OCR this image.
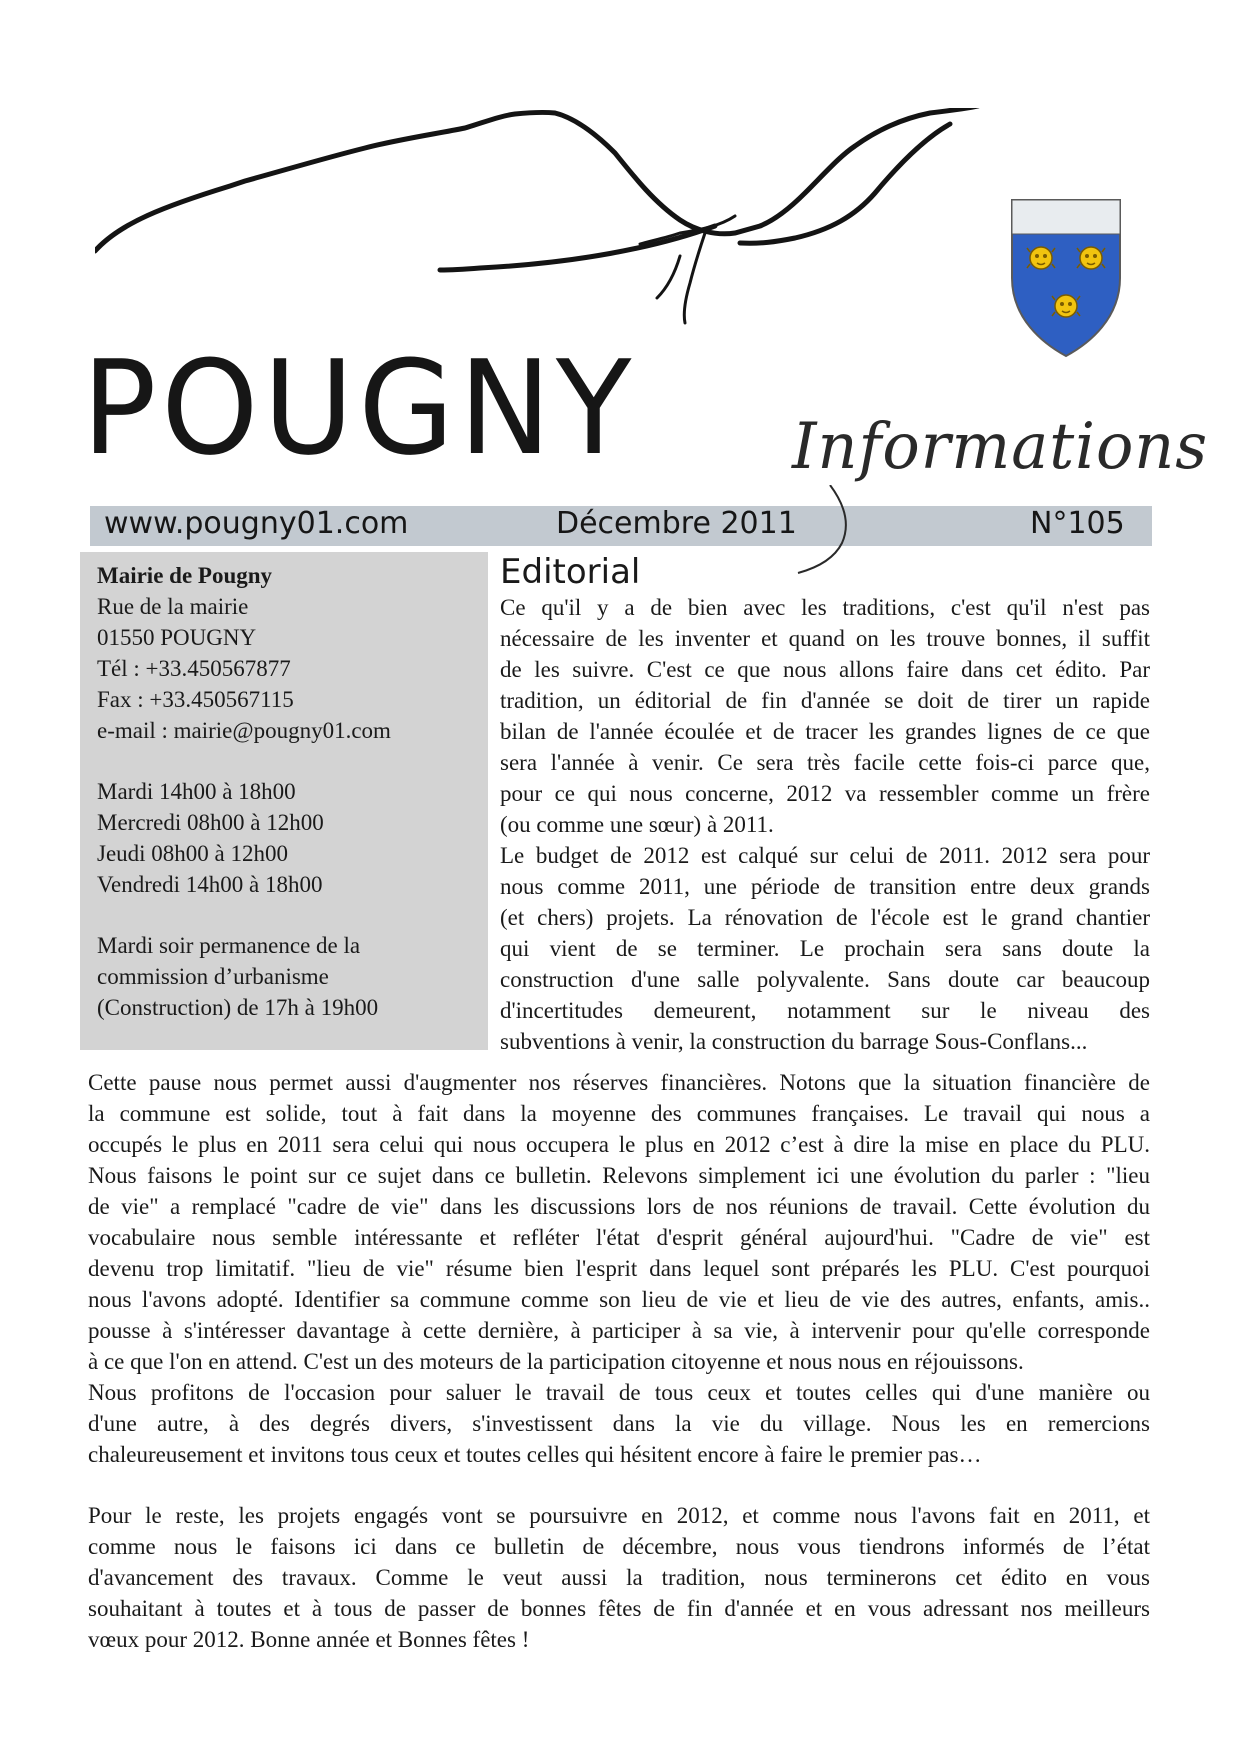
POUGNY Informations
www.pougny01.com	Décembre 2011	N°105
Mairie de Pougny
Rue de la mairie
01550 POUGNY
Tél : +33.450567877
Fax : +33.450567115
e-mail : mairie@pougny01.com
Mardi 14h00 à 18h00
Mercredi 08h00 à 12h00
Jeudi 08h00 à 12h00
Vendredi 14h00 à 18h00
Mardi soir permanence de la
commission d’urbanisme
(Construction) de 17h à 19h00
Editorial
Ce qu'il y a de bien avec les traditions, c'est qu'il n'est pas
nécessaire de les inventer et quand on les trouve bonnes, il suffit
de les suivre. C'est ce que nous allons faire dans cet édito. Par
tradition, un éditorial de fin d'année se doit de tirer un rapide
bilan de l'année écoulée et de tracer les grandes lignes de ce que
sera l'année à venir. Ce sera très facile cette fois-ci parce que,
pour ce qui nous concerne, 2012 va ressembler comme un frère
(ou comme une sœur) à 2011.
Le budget de 2012 est calqué sur celui de 2011. 2012 sera pour
nous comme 2011, une période de transition entre deux grands
(et chers) projets. La rénovation de l'école est le grand chantier
qui vient de se terminer. Le prochain sera sans doute la
construction d'une salle polyvalente. Sans doute car beaucoup
d'incertitudes demeurent, notamment sur le niveau des
subventions à venir, la construction du barrage Sous-Conflans...
Cette pause nous permet aussi d'augmenter nos réserves financières. Notons que la situation financière de
la commune est solide, tout à fait dans la moyenne des communes françaises. Le travail qui nous a
occupés le plus en 2011 sera celui qui nous occupera le plus en 2012 c’est à dire la mise en place du PLU.
Nous faisons le point sur ce sujet dans ce bulletin. Relevons simplement ici une évolution du parler : "lieu
de vie" a remplacé "cadre de vie" dans les discussions lors de nos réunions de travail. Cette évolution du
vocabulaire nous semble intéressante et refléter l'état d'esprit général aujourd'hui. "Cadre de vie" est
devenu trop limitatif. "lieu de vie" résume bien l'esprit dans lequel sont préparés les PLU. C'est pourquoi
nous l'avons adopté. Identifier sa commune comme son lieu de vie et lieu de vie des autres, enfants, amis..
pousse à s'intéresser davantage à cette dernière, à participer à sa vie, à intervenir pour qu'elle corresponde
à ce que l'on en attend. C'est un des moteurs de la participation citoyenne et nous nous en réjouissons.
Nous profitons de l'occasion pour saluer le travail de tous ceux et toutes celles qui d'une manière ou
d'une autre, à des degrés divers, s'investissent dans la vie du village. Nous les en remercions
chaleureusement et invitons tous ceux et toutes celles qui hésitent encore à faire le premier pas…
Pour le reste, les projets engagés vont se poursuivre en 2012, et comme nous l'avons fait en 2011, et
comme nous le faisons ici dans ce bulletin de décembre, nous vous tiendrons informés de l’état
d'avancement des travaux. Comme le veut aussi la tradition, nous terminerons cet édito en vous
souhaitant à toutes et à tous de passer de bonnes fêtes de fin d'année et en vous adressant nos meilleurs
vœux pour 2012. Bonne année et Bonnes fêtes !
